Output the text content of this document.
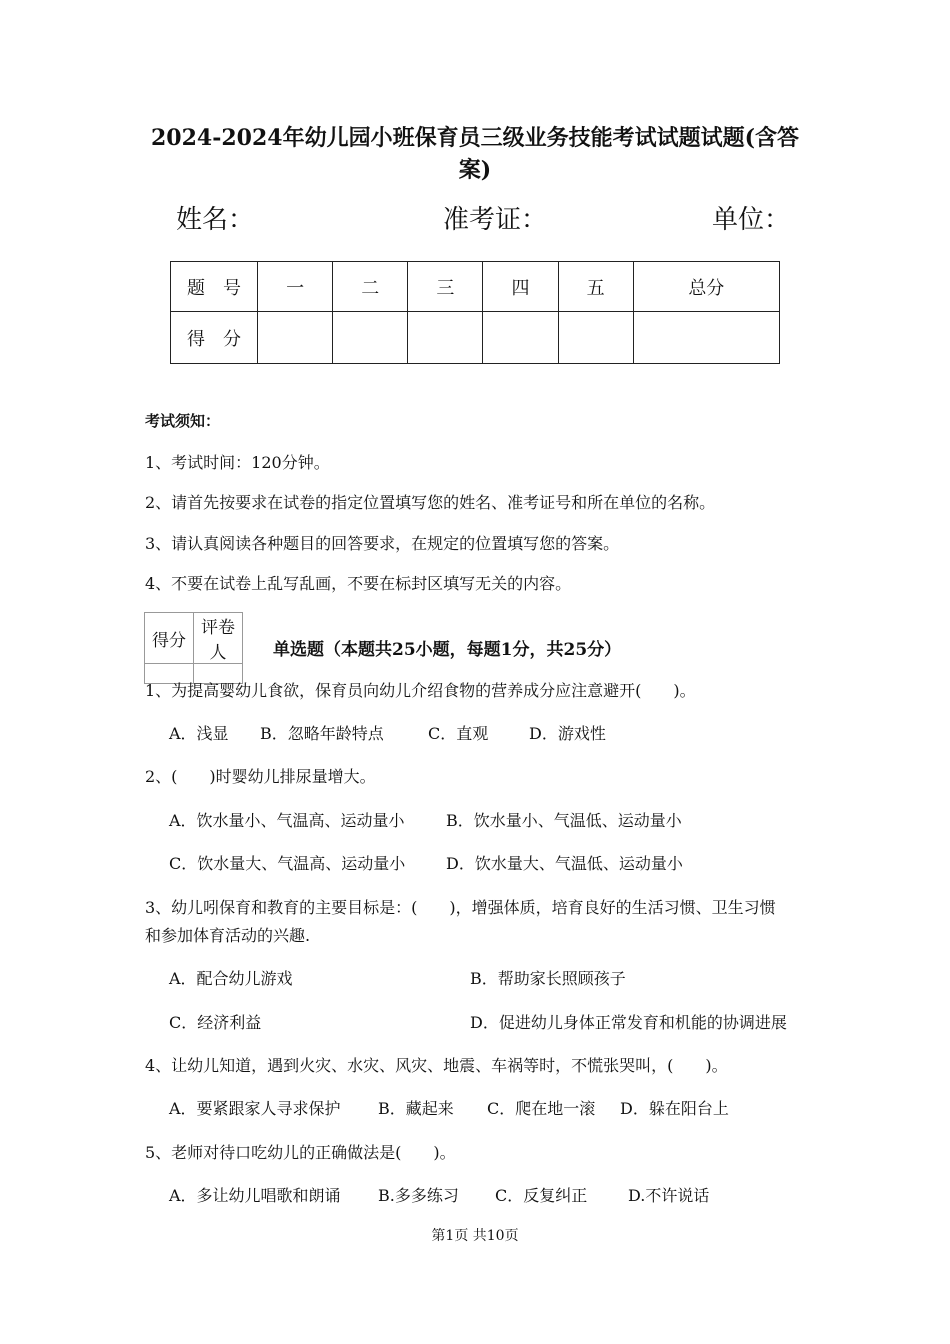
2024-2024年幼儿园小班保育员三级业务技能考试试题试题(含答
案)
姓名：	准考证：	单位：
题号	一	二	三	四	五	总分
得分						
考试须知：
1、考试时间：120分钟。
2、请首先按要求在试卷的指定位置填写您的姓名、准考证号和所在单位的名称。
3、请认真阅读各种题目的回答要求，在规定的位置填写您的答案。
4、不要在试卷上乱写乱画，不要在标封区填写无关的内容。
得分	评卷人
		单选题（本题共25小题，每题1分，共25分）
1、为提高婴幼儿食欲，保育员向幼儿介绍食物的营养成分应注意避开(　　)。
A．浅显 B．忽略年龄特点	C．直观	D．游戏性
2、(　　)时婴幼儿排尿量增大。
A．饮水量小、气温高、运动量小	B．饮水量小、气温低、运动量小
C．饮水量大、气温高、运动量小	D．饮水量大、气温低、运动量小
3、幼儿吲保育和教育的主要目标是：(　　)，增强体质，培育良好的生活习惯、卫生习惯
和参加体育活动的兴趣.
A．配合幼儿游戏	B．帮助家长照顾孩子
C．经济利益	D．促进幼儿身体正常发育和机能的协调进展
4、让幼儿知道，遇到火灾、水灾、风灾、地震、车祸等时，不慌张哭叫，(　　)。
A．要紧跟家人寻求保护 B．藏起来 C．爬在地一滚 D．躲在阳台上
5、老师对待口吃幼儿的正确做法是(　　)。
A．多让幼儿唱歌和朗诵 B.多多练习 C．反复纠正	D.不许说话
第1页 共10页
